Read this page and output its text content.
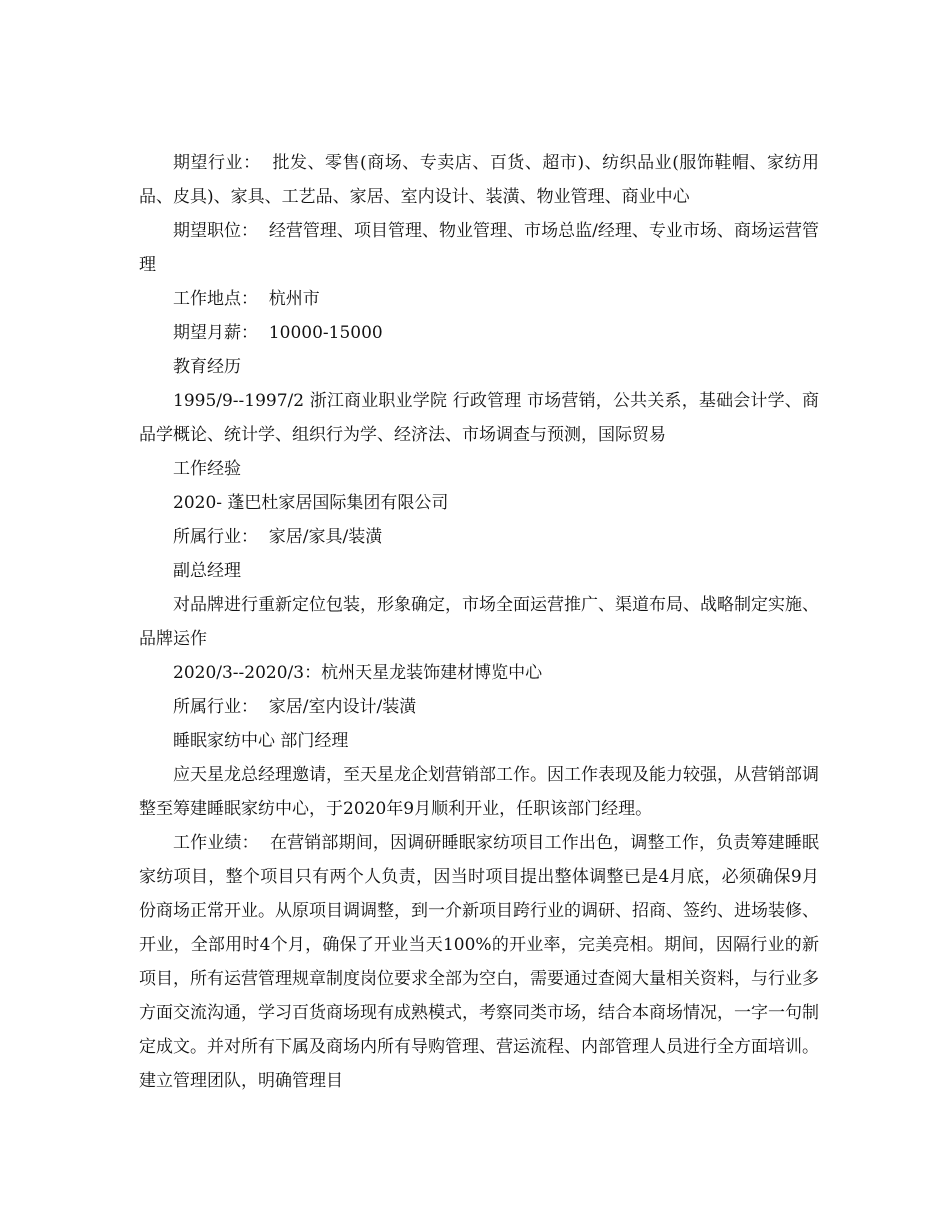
期望行业：  批发、零售(商场、专卖店、百货、超市)、纺织品业(服饰鞋帽、家纺用品、皮具)、家具、工艺品、家居、室内设计、装潢、物业管理、商业中心

期望职位：  经营管理、项目管理、物业管理、市场总监/经理、专业市场、商场运营管理

工作地点：  杭州市

期望月薪：  10000-15000

教育经历

1995/9--1997/2 浙江商业职业学院 行政管理 市场营销，公共关系，基础会计学、商品学概论、统计学、组织行为学、经济法、市场调查与预测，国际贸易

工作经验

2020- 蓬巴杜家居国际集团有限公司

所属行业：  家居/家具/装潢

副总经理

对品牌进行重新定位包装，形象确定，市场全面运营推广、渠道布局、战略制定实施、品牌运作

2020/3--2020/3：杭州天星龙装饰建材博览中心

所属行业：  家居/室内设计/装潢

睡眠家纺中心 部门经理

应天星龙总经理邀请，至天星龙企划营销部工作。因工作表现及能力较强，从营销部调整至筹建睡眠家纺中心，于2020年9月顺利开业，任职该部门经理。

工作业绩：  在营销部期间，因调研睡眠家纺项目工作出色，调整工作，负责筹建睡眠家纺项目，整个项目只有两个人负责，因当时项目提出整体调整已是4月底，必须确保9月份商场正常开业。从原项目调调整，到一介新项目跨行业的调研、招商、签约、进场装修、开业，全部用时4个月，确保了开业当天100%的开业率，完美亮相。期间，因隔行业的新项目，所有运营管理规章制度岗位要求全部为空白，需要通过查阅大量相关资料，与行业多方面交流沟通，学习百货商场现有成熟模式，考察同类市场，结合本商场情况，一字一句制定成文。并对所有下属及商场内所有导购管理、营运流程、内部管理人员进行全方面培训。建立管理团队，明确管理目
